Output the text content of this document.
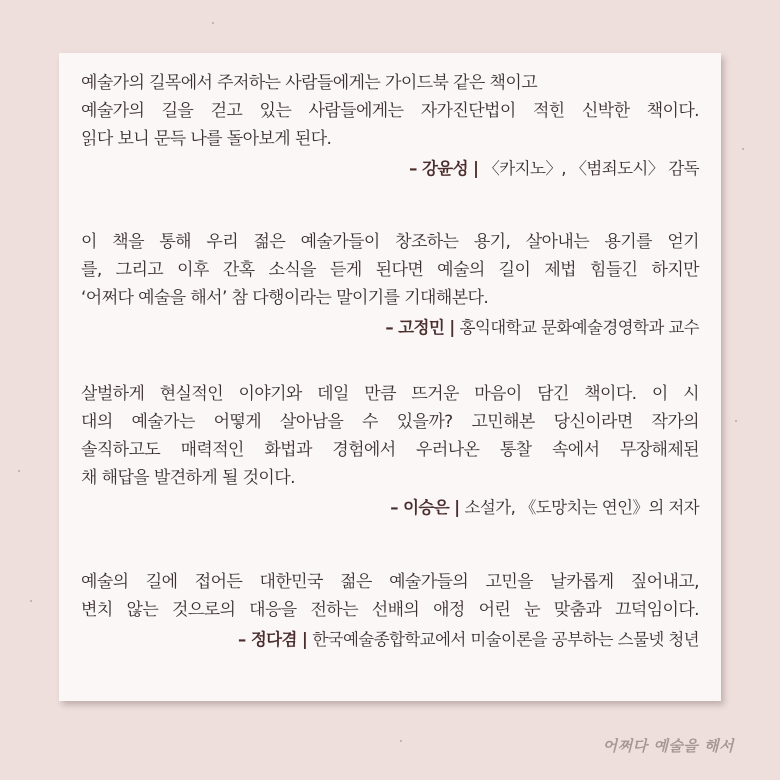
예술가의 길목에서 주저하는 사람들에게는 가이드북 같은 책이고
예술가의 길을 걷고 있는 사람들에게는 자가진단법이 적힌 신박한 책이다.
읽다 보니 문득 나를 돌아보게 된다.
– 강윤성 | 〈카지노〉, 〈범죄도시〉 감독
이 책을 통해 우리 젊은 예술가들이 창조하는 용기, 살아내는 용기를 얻기
를, 그리고 이후 간혹 소식을 듣게 된다면 예술의 길이 제법 힘들긴 하지만
‘어쩌다 예술을 해서’ 참 다행이라는 말이기를 기대해본다.
– 고정민 | 홍익대학교 문화예술경영학과 교수
살벌하게 현실적인 이야기와 데일 만큼 뜨거운 마음이 담긴 책이다. 이 시
대의 예술가는 어떻게 살아남을 수 있을까? 고민해본 당신이라면 작가의
솔직하고도 매력적인 화법과 경험에서 우러나온 통찰 속에서 무장해제된
채 해답을 발견하게 될 것이다.
– 이승은 | 소설가, 《도망치는 연인》의 저자
예술의 길에 접어든 대한민국 젊은 예술가들의 고민을 날카롭게 짚어내고,
변치 않는 것으로의 대응을 전하는 선배의 애정 어린 눈 맞춤과 끄덕임이다.
– 정다겸 | 한국예술종합학교에서 미술이론을 공부하는 스물넷 청년
어쩌다 예술을 해서
